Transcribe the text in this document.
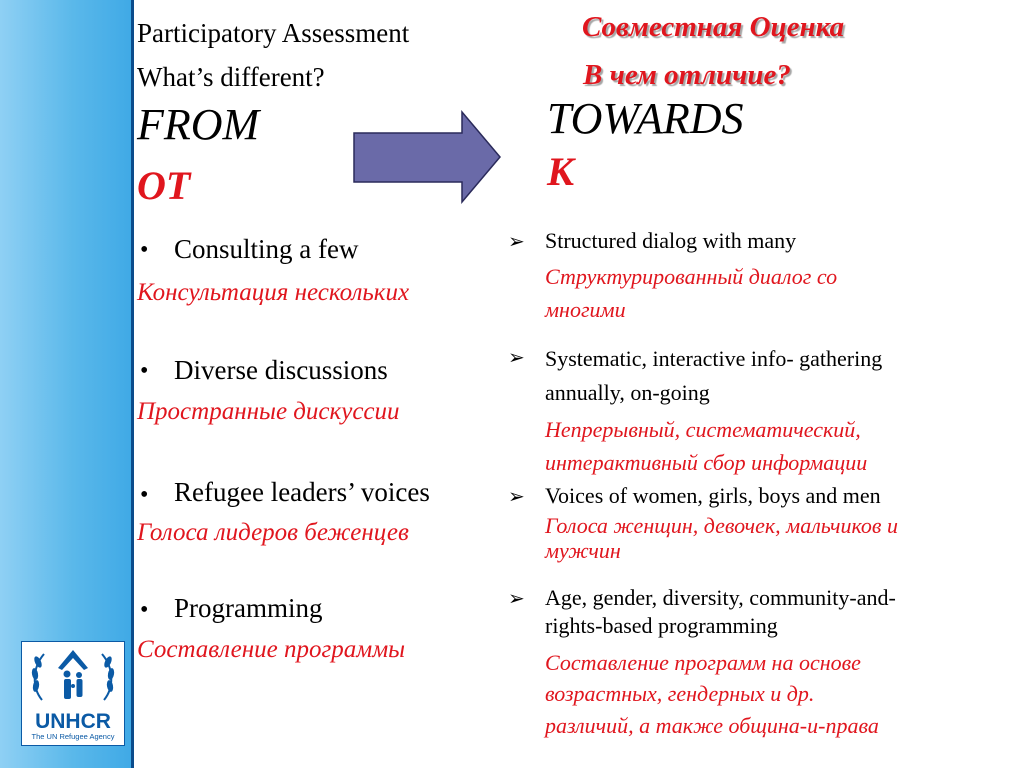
UNHCR
The UN Refugee Agency
Participatory Assessment
What’s different?
Совместная Оценка
В чем отличие?
FROM
ОТ
TOWARDS
К
• Consulting a few
Консультация нескольких
• Diverse discussions
Пространные дискуссии
• Refugee leaders’ voices
Голоса лидеров беженцев
• Programming
Составление программы
➢ Structured dialog with many
Структурированный диалог со
многими
➢ Systematic, interactive info- gathering
annually, on-going
Непрерывный, систематический,
интерактивный сбор информации
➢ Voices of women, girls, boys and men
Голоса женщин, девочек, мальчиков и
мужчин
➢ Age, gender, diversity, community-and-
rights-based programming
Составление программ на основе
возрастных, гендерных и др.
различий, а также община-и-права
